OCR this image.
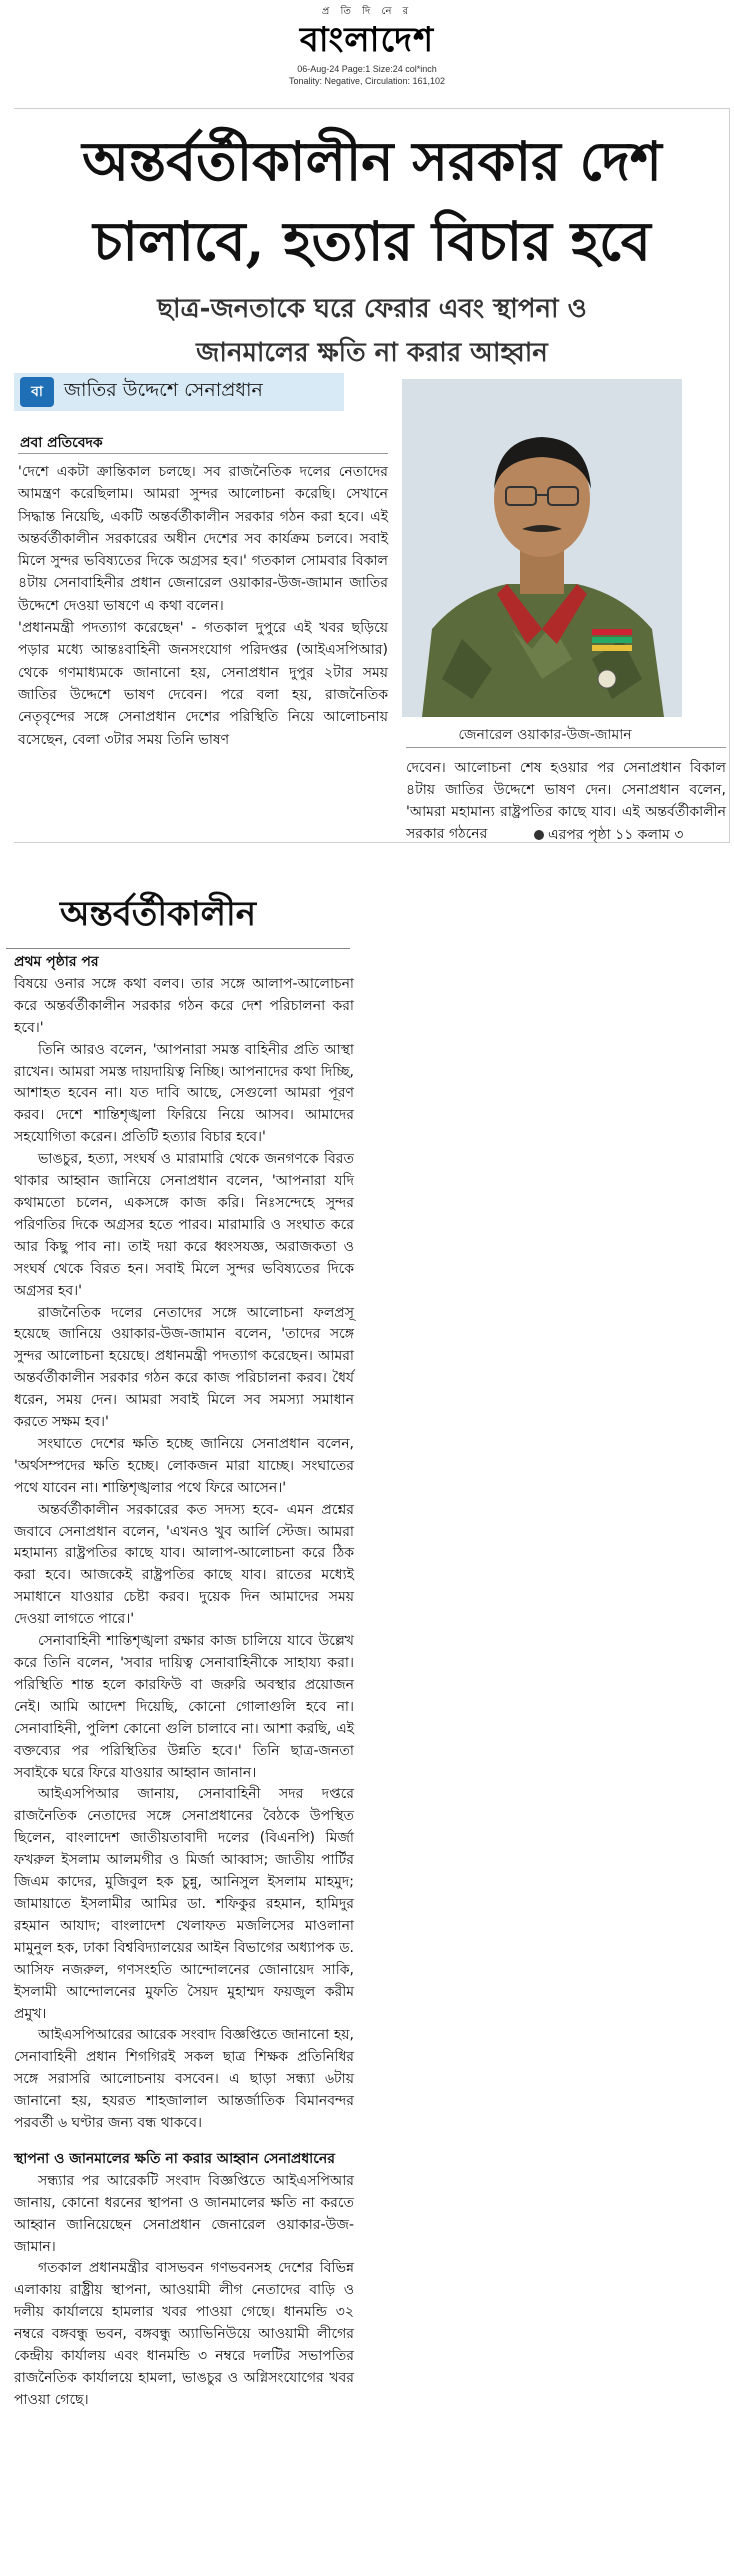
প্র তি দি নে র
বাংলাদেশ
06-Aug-24 Page:1 Size:24 col*inch
Tonality: Negative, Circulation: 161,102
অন্তর্বর্তীকালীন সরকার দেশ
চালাবে, হত্যার বিচার হবে
ছাত্র-জনতাকে ঘরে ফেরার এবং স্থাপনা ও
জানমালের ক্ষতি না করার আহ্বান
বা	জাতির উদ্দেশে সেনাপ্রধান
প্রবা প্রতিবেদক

'দেশে একটা ক্রান্তিকাল চলছে। সব রাজনৈতিক দলের নেতাদের আমন্ত্রণ করেছিলাম। আমরা সুন্দর আলোচনা করেছি। সেখানে সিদ্ধান্ত নিয়েছি, একটি অন্তর্বর্তীকালীন সরকার গঠন করা হবে। এই অন্তর্বর্তীকালীন সরকারের অধীন দেশের সব কার্যক্রম চলবে। সবাই মিলে সুন্দর ভবিষ্যতের দিকে অগ্রসর হব।' গতকাল সোমবার বিকাল ৪টায় সেনাবাহিনীর প্রধান জেনারেল ওয়াকার-উজ-জামান জাতির উদ্দেশে দেওয়া ভাষণে এ কথা বলেন।

'প্রধানমন্ত্রী পদত্যাগ করেছেন' - গতকাল দুপুরে এই খবর ছড়িয়ে পড়ার মধ্যে আন্তঃবাহিনী জনসংযোগ পরিদপ্তর (আইএসপিআর) থেকে গণমাধ্যমকে জানানো হয়, সেনাপ্রধান দুপুর ২টার সময় জাতির উদ্দেশে ভাষণ দেবেন। পরে বলা হয়, রাজনৈতিক নেতৃবৃন্দের সঙ্গে সেনাপ্রধান দেশের পরিস্থিতি নিয়ে আলোচনায় বসেছেন, বেলা ৩টার সময় তিনি ভাষণ	জেনারেল ওয়াকার-উজ-জামান
দেবেন। আলোচনা শেষ হওয়ার পর সেনাপ্রধান বিকাল ৪টায় জাতির উদ্দেশে ভাষণ দেন। সেনাপ্রধান বলেন, 'আমরা মহামান্য রাষ্ট্রপতির কাছে যাব। এই অন্তর্বর্তীকালীন সরকার গঠনের	এরপর পৃষ্ঠা ১১ কলাম ৩
অন্তর্বর্তীকালীন

প্রথম পৃষ্ঠার পর

বিষয়ে ওনার সঙ্গে কথা বলব। তার সঙ্গে আলাপ-আলোচনা করে অন্তর্বর্তীকালীন সরকার গঠন করে দেশ পরিচালনা করা হবে।'

তিনি আরও বলেন, 'আপনারা সমস্ত বাহিনীর প্রতি আস্থা রাখেন। আমরা সমস্ত দায়দায়িত্ব নিচ্ছি। আপনাদের কথা দিচ্ছি, আশাহত হবেন না। যত দাবি আছে, সেগুলো আমরা পূরণ করব। দেশে শান্তিশৃঙ্খলা ফিরিয়ে নিয়ে আসব। আমাদের সহযোগিতা করেন। প্রতিটি হত্যার বিচার হবে।'

ভাঙচুর, হত্যা, সংঘর্ষ ও মারামারি থেকে জনগণকে বিরত থাকার আহ্বান জানিয়ে সেনাপ্রধান বলেন, 'আপনারা যদি কথামতো চলেন, একসঙ্গে কাজ করি। নিঃসন্দেহে সুন্দর পরিণতির দিকে অগ্রসর হতে পারব। মারামারি ও সংঘাত করে আর কিছু পাব না। তাই দয়া করে ধ্বংসযজ্ঞ, অরাজকতা ও সংঘর্ষ থেকে বিরত হন। সবাই মিলে সুন্দর ভবিষ্যতের দিকে অগ্রসর হব।'

রাজনৈতিক দলের নেতাদের সঙ্গে আলোচনা ফলপ্রসূ হয়েছে জানিয়ে ওয়াকার-উজ-জামান বলেন, 'তাদের সঙ্গে সুন্দর আলোচনা হয়েছে। প্রধানমন্ত্রী পদত্যাগ করেছেন। আমরা অন্তর্বর্তীকালীন সরকার গঠন করে কাজ পরিচালনা করব। ধৈর্য ধরেন, সময় দেন। আমরা সবাই মিলে সব সমস্যা সমাধান করতে সক্ষম হব।'

সংঘাতে দেশের ক্ষতি হচ্ছে জানিয়ে সেনাপ্রধান বলেন, 'অর্থসম্পদের ক্ষতি হচ্ছে। লোকজন মারা যাচ্ছে। সংঘাতের পথে যাবেন না। শান্তিশৃঙ্খলার পথে ফিরে আসেন।'

অন্তর্বর্তীকালীন সরকারের কত সদস্য হবে- এমন প্রশ্নের জবাবে সেনাপ্রধান বলেন, 'এখনও খুব আর্লি স্টেজ। আমরা মহামান্য রাষ্ট্রপতির কাছে যাব। আলাপ-আলোচনা করে ঠিক করা হবে। আজকেই রাষ্ট্রপতির কাছে যাব। রাতের মধ্যেই সমাধানে যাওয়ার চেষ্টা করব। দুয়েক দিন আমাদের সময় দেওয়া লাগতে পারে।'

সেনাবাহিনী শান্তিশৃঙ্খলা রক্ষার কাজ চালিয়ে যাবে উল্লেখ করে তিনি বলেন, 'সবার দায়িত্ব সেনাবাহিনীকে সাহায্য করা। পরিস্থিতি শান্ত হলে কারফিউ বা জরুরি অবস্থার প্রয়োজন নেই। আমি আদেশ দিয়েছি, কোনো গোলাগুলি হবে না। সেনাবাহিনী, পুলিশ কোনো গুলি চালাবে না। আশা করছি, এই বক্তব্যের পর পরিস্থিতির উন্নতি হবে।' তিনি ছাত্র-জনতা সবাইকে ঘরে ফিরে যাওয়ার আহ্বান জানান।

আইএসপিআর জানায়, সেনাবাহিনী সদর দপ্তরে রাজনৈতিক নেতাদের সঙ্গে সেনাপ্রধানের বৈঠকে উপস্থিত ছিলেন, বাংলাদেশ জাতীয়তাবাদী দলের (বিএনপি) মির্জা ফখরুল ইসলাম আলমগীর ও মির্জা আব্বাস; জাতীয় পার্টির জিএম কাদের, মুজিবুল হক চুন্নু, আনিসুল ইসলাম মাহমুদ; জামায়াতে ইসলামীর আমির ডা. শফিকুর রহমান, হামিদুর রহমান আযাদ; বাংলাদেশ খেলাফত মজলিসের মাওলানা মামুনুল হক, ঢাকা বিশ্ববিদ্যালয়ের আইন বিভাগের অধ্যাপক ড. আসিফ নজরুল, গণসংহতি আন্দোলনের জোনায়েদ সাকি, ইসলামী আন্দোলনের মুফতি সৈয়দ মুহাম্মদ ফয়জুল করীম প্রমুখ।

আইএসপিআরের আরেক সংবাদ বিজ্ঞপ্তিতে জানানো হয়, সেনাবাহিনী প্রধান শিগগিরই সকল ছাত্র শিক্ষক প্রতিনিধির সঙ্গে সরাসরি আলোচনায় বসবেন। এ ছাড়া সন্ধ্যা ৬টায় জানানো হয়, হযরত শাহজালাল আন্তর্জাতিক বিমানবন্দর পরবর্তী ৬ ঘণ্টার জন্য বন্ধ থাকবে।

স্থাপনা ও জানমালের ক্ষতি না করার আহ্বান সেনাপ্রধানের

সন্ধ্যার পর আরেকটি সংবাদ বিজ্ঞপ্তিতে আইএসপিআর জানায়, কোনো ধরনের স্থাপনা ও জানমালের ক্ষতি না করতে আহ্বান জানিয়েছেন সেনাপ্রধান জেনারেল ওয়াকার-উজ-জামান।

গতকাল প্রধানমন্ত্রীর বাসভবন গণভবনসহ দেশের বিভিন্ন এলাকায় রাষ্ট্রীয় স্থাপনা, আওয়ামী লীগ নেতাদের বাড়ি ও দলীয় কার্যালয়ে হামলার খবর পাওয়া গেছে। ধানমন্ডি ৩২ নম্বরে বঙ্গবন্ধু ভবন, বঙ্গবন্ধু অ্যাভিনিউয়ে আওয়ামী লীগের কেন্দ্রীয় কার্যালয় এবং ধানমন্ডি ৩ নম্বরে দলটির সভাপতির রাজনৈতিক কার্যালয়ে হামলা, ভাঙচুর ও অগ্নিসংযোগের খবর পাওয়া গেছে।
